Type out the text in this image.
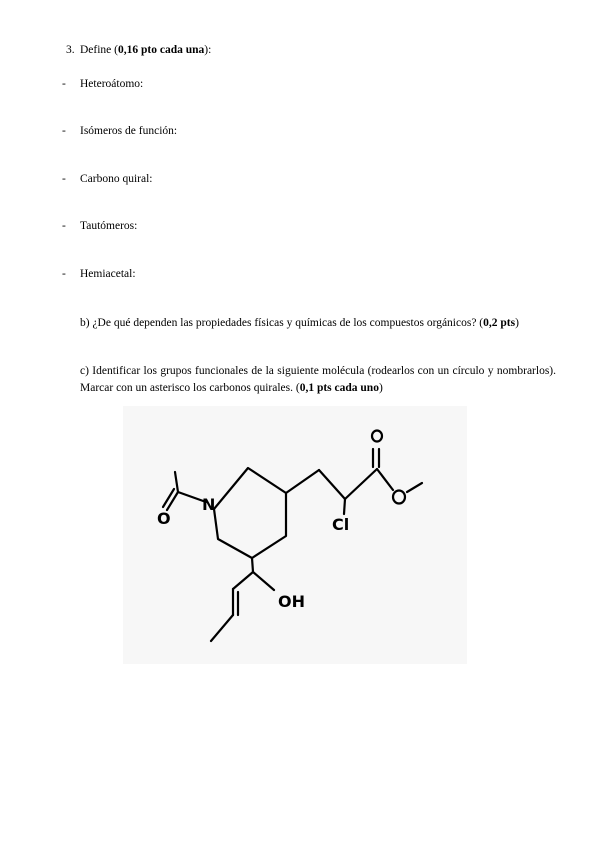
3. Define (0,16 pto cada una):
- Heteroátomo:
- Isómeros de función:
- Carbono quiral:
- Tautómeros:
- Hemiacetal:
b) ¿De qué dependen las propiedades físicas y químicas de los compuestos orgánicos? (0,2 pts)
c) Identificar los grupos funcionales de la siguiente molécula (rodearlos con un círculo y nombrarlos). Marcar con un asterisco los carbonos quirales. (0,1 pts cada uno)
N
O	Cl
OH
